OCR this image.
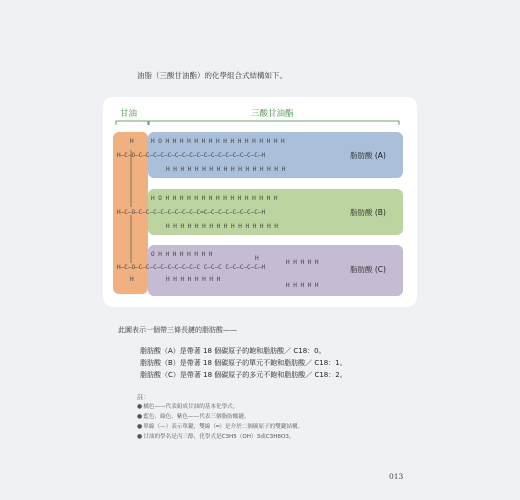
油脂（三酸甘油酯）的化學組合式結構如下。

甘油	三酸甘油酯
H	H O H H H H H H H H H H H H H H H H H
H–C–O–C–C–C–C–C–C–C–C–C–C–C–C–C–C–C–C–C–H
H H H H H H H H H H H H H H H H H
脂肪酸 (A)
H O H H H H H H H H H H H H H H H H
H–C–O–C–C–C–C–C–C–C–C–C=C–C–C–C–C–C–C–C–H
H H H H H H H H H H H H H H H H
脂肪酸 (B)
O H H H H H H H H
H
H H H H H
H–C–O–C–C–C–C–C–C–C–C–C C–C–C C–C–C–C–C–H
H H H H H H H H
H H H H H
H
脂肪酸 (C)

此圖表示一個帶三條長鏈的脂肪酸——

脂肪酸（A）是帶著 18 個碳原子的飽和脂肪酸／ C18：0。
脂肪酸（B）是帶著 18 個碳原子的單元不飽和脂肪酸／ C18：1。
脂肪酸（C）是帶著 18 個碳原子的多元不飽和脂肪酸／ C18：2。
註：
●橘色——代表組成甘油的基本化學式。
●藍色、綠色、紫色——代表三個脂肪酸鏈。
●單線（—）表示單鍵，雙線（═）是介於二個碳原子的雙鍵結構。
●甘油的學名是丙三醇，化學式是C3H5（OH）3或C3H8O3。
013
